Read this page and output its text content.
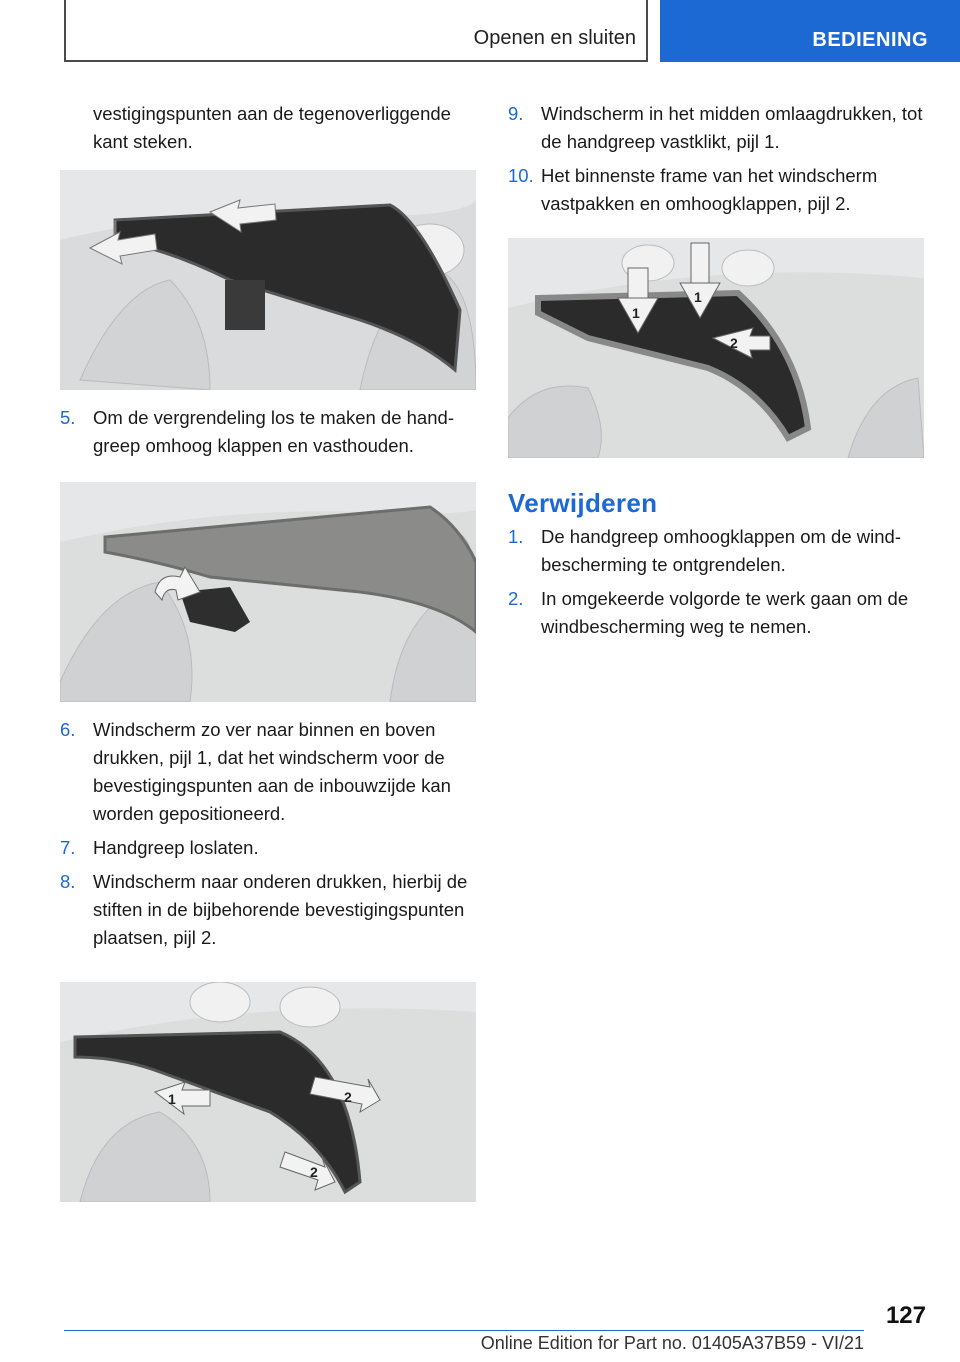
Openen en sluiten	BEDIENING

vestigingspunten aan de tegenoverliggende kant steken.

5. Om de vergrendeling los te maken de handgreep omhoog klappen en vasthouden.
6. Windscherm zo ver naar binnen en boven drukken, pijl 1, dat het windscherm voor de bevestigingspunten aan de inbouwzijde kan worden gepositioneerd.
7. Handgreep loslaten.
8. Windscherm naar onderen drukken, hierbij de stiften in de bijbehorende bevestigingspunten plaatsen, pijl 2.
1	2
2
9. Windscherm in het midden omlaagdrukken, tot de handgreep vastklikt, pijl 1.
10. Het binnenste frame van het windscherm vastpakken en omhoogklappen, pijl 2.
1
1
2
Verwijderen
1. De handgreep omhoogklappen om de windbescherming te ontgrendelen.
2. In omgekeerde volgorde te werk gaan om de windbescherming weg te nemen.
127
Online Edition for Part no. 01405A37B59 - VI/21
